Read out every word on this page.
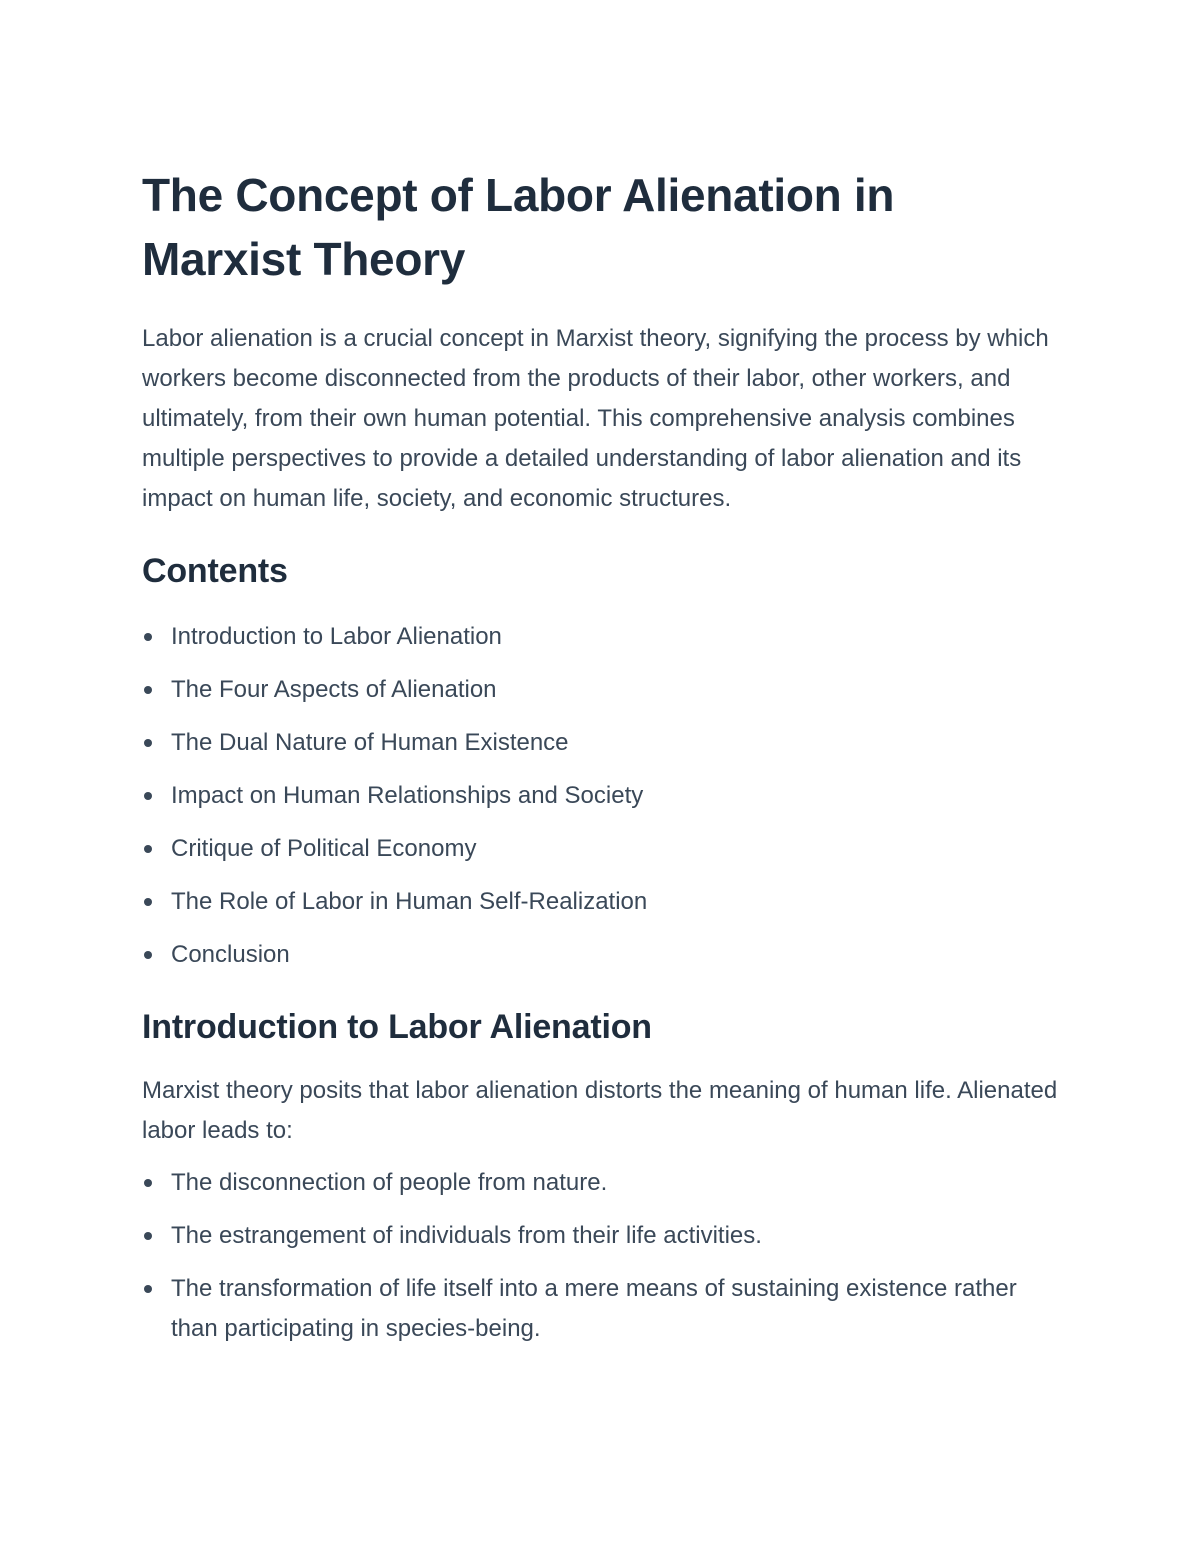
The Concept of Labor Alienation in Marxist Theory

Labor alienation is a crucial concept in Marxist theory, signifying the process by which workers become disconnected from the products of their labor, other workers, and ultimately, from their own human potential. This comprehensive analysis combines multiple perspectives to provide a detailed understanding of labor alienation and its impact on human life, society, and economic structures.

Contents
Introduction to Labor Alienation
The Four Aspects of Alienation
The Dual Nature of Human Existence
Impact on Human Relationships and Society
Critique of Political Economy
The Role of Labor in Human Self-Realization
Conclusion
Introduction to Labor Alienation

Marxist theory posits that labor alienation distorts the meaning of human life. Alienated labor leads to:

The disconnection of people from nature.
The estrangement of individuals from their life activities.
The transformation of life itself into a mere means of sustaining existence rather than participating in species-being.
